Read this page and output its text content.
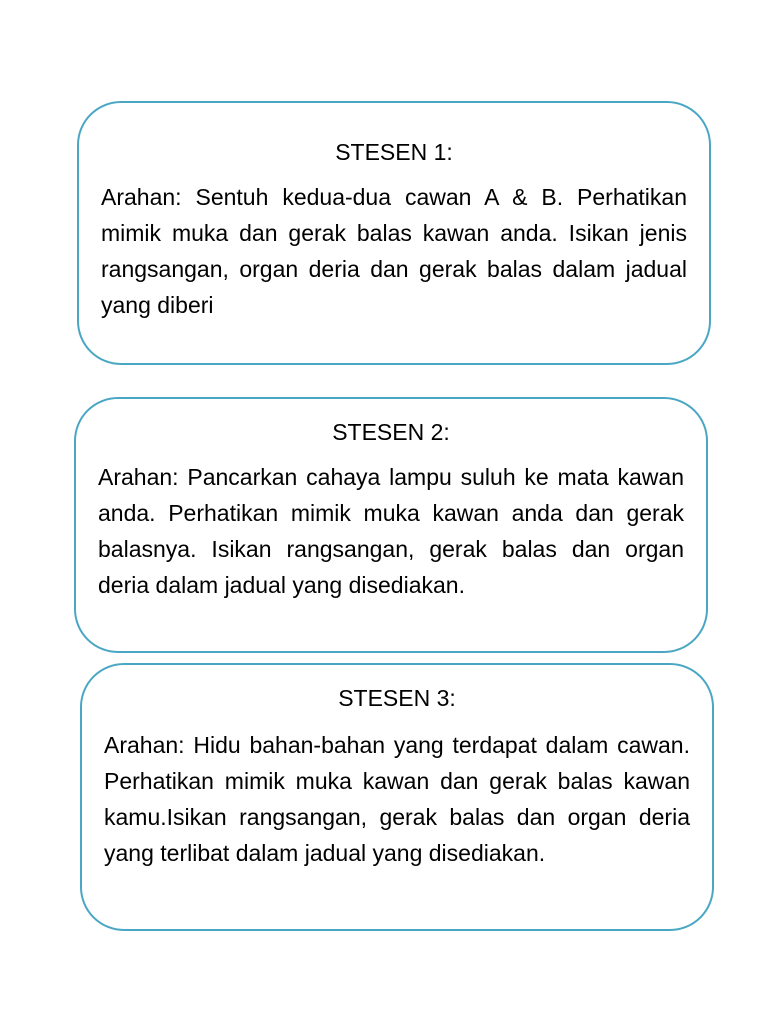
STESEN 1:
Arahan: Sentuh kedua-dua cawan A & B. Perhatikan mimik muka dan gerak balas kawan anda. Isikan jenis rangsangan, organ deria dan gerak balas dalam jadual yang diberi
STESEN 2:
Arahan: Pancarkan cahaya lampu suluh ke mata kawan anda. Perhatikan mimik muka kawan anda dan gerak balasnya. Isikan rangsangan, gerak balas dan organ deria dalam jadual yang disediakan.
STESEN 3:
Arahan: Hidu bahan-bahan yang terdapat dalam cawan. Perhatikan mimik muka kawan dan gerak balas kawan kamu.Isikan rangsangan, gerak balas dan organ deria yang terlibat dalam jadual yang disediakan.
